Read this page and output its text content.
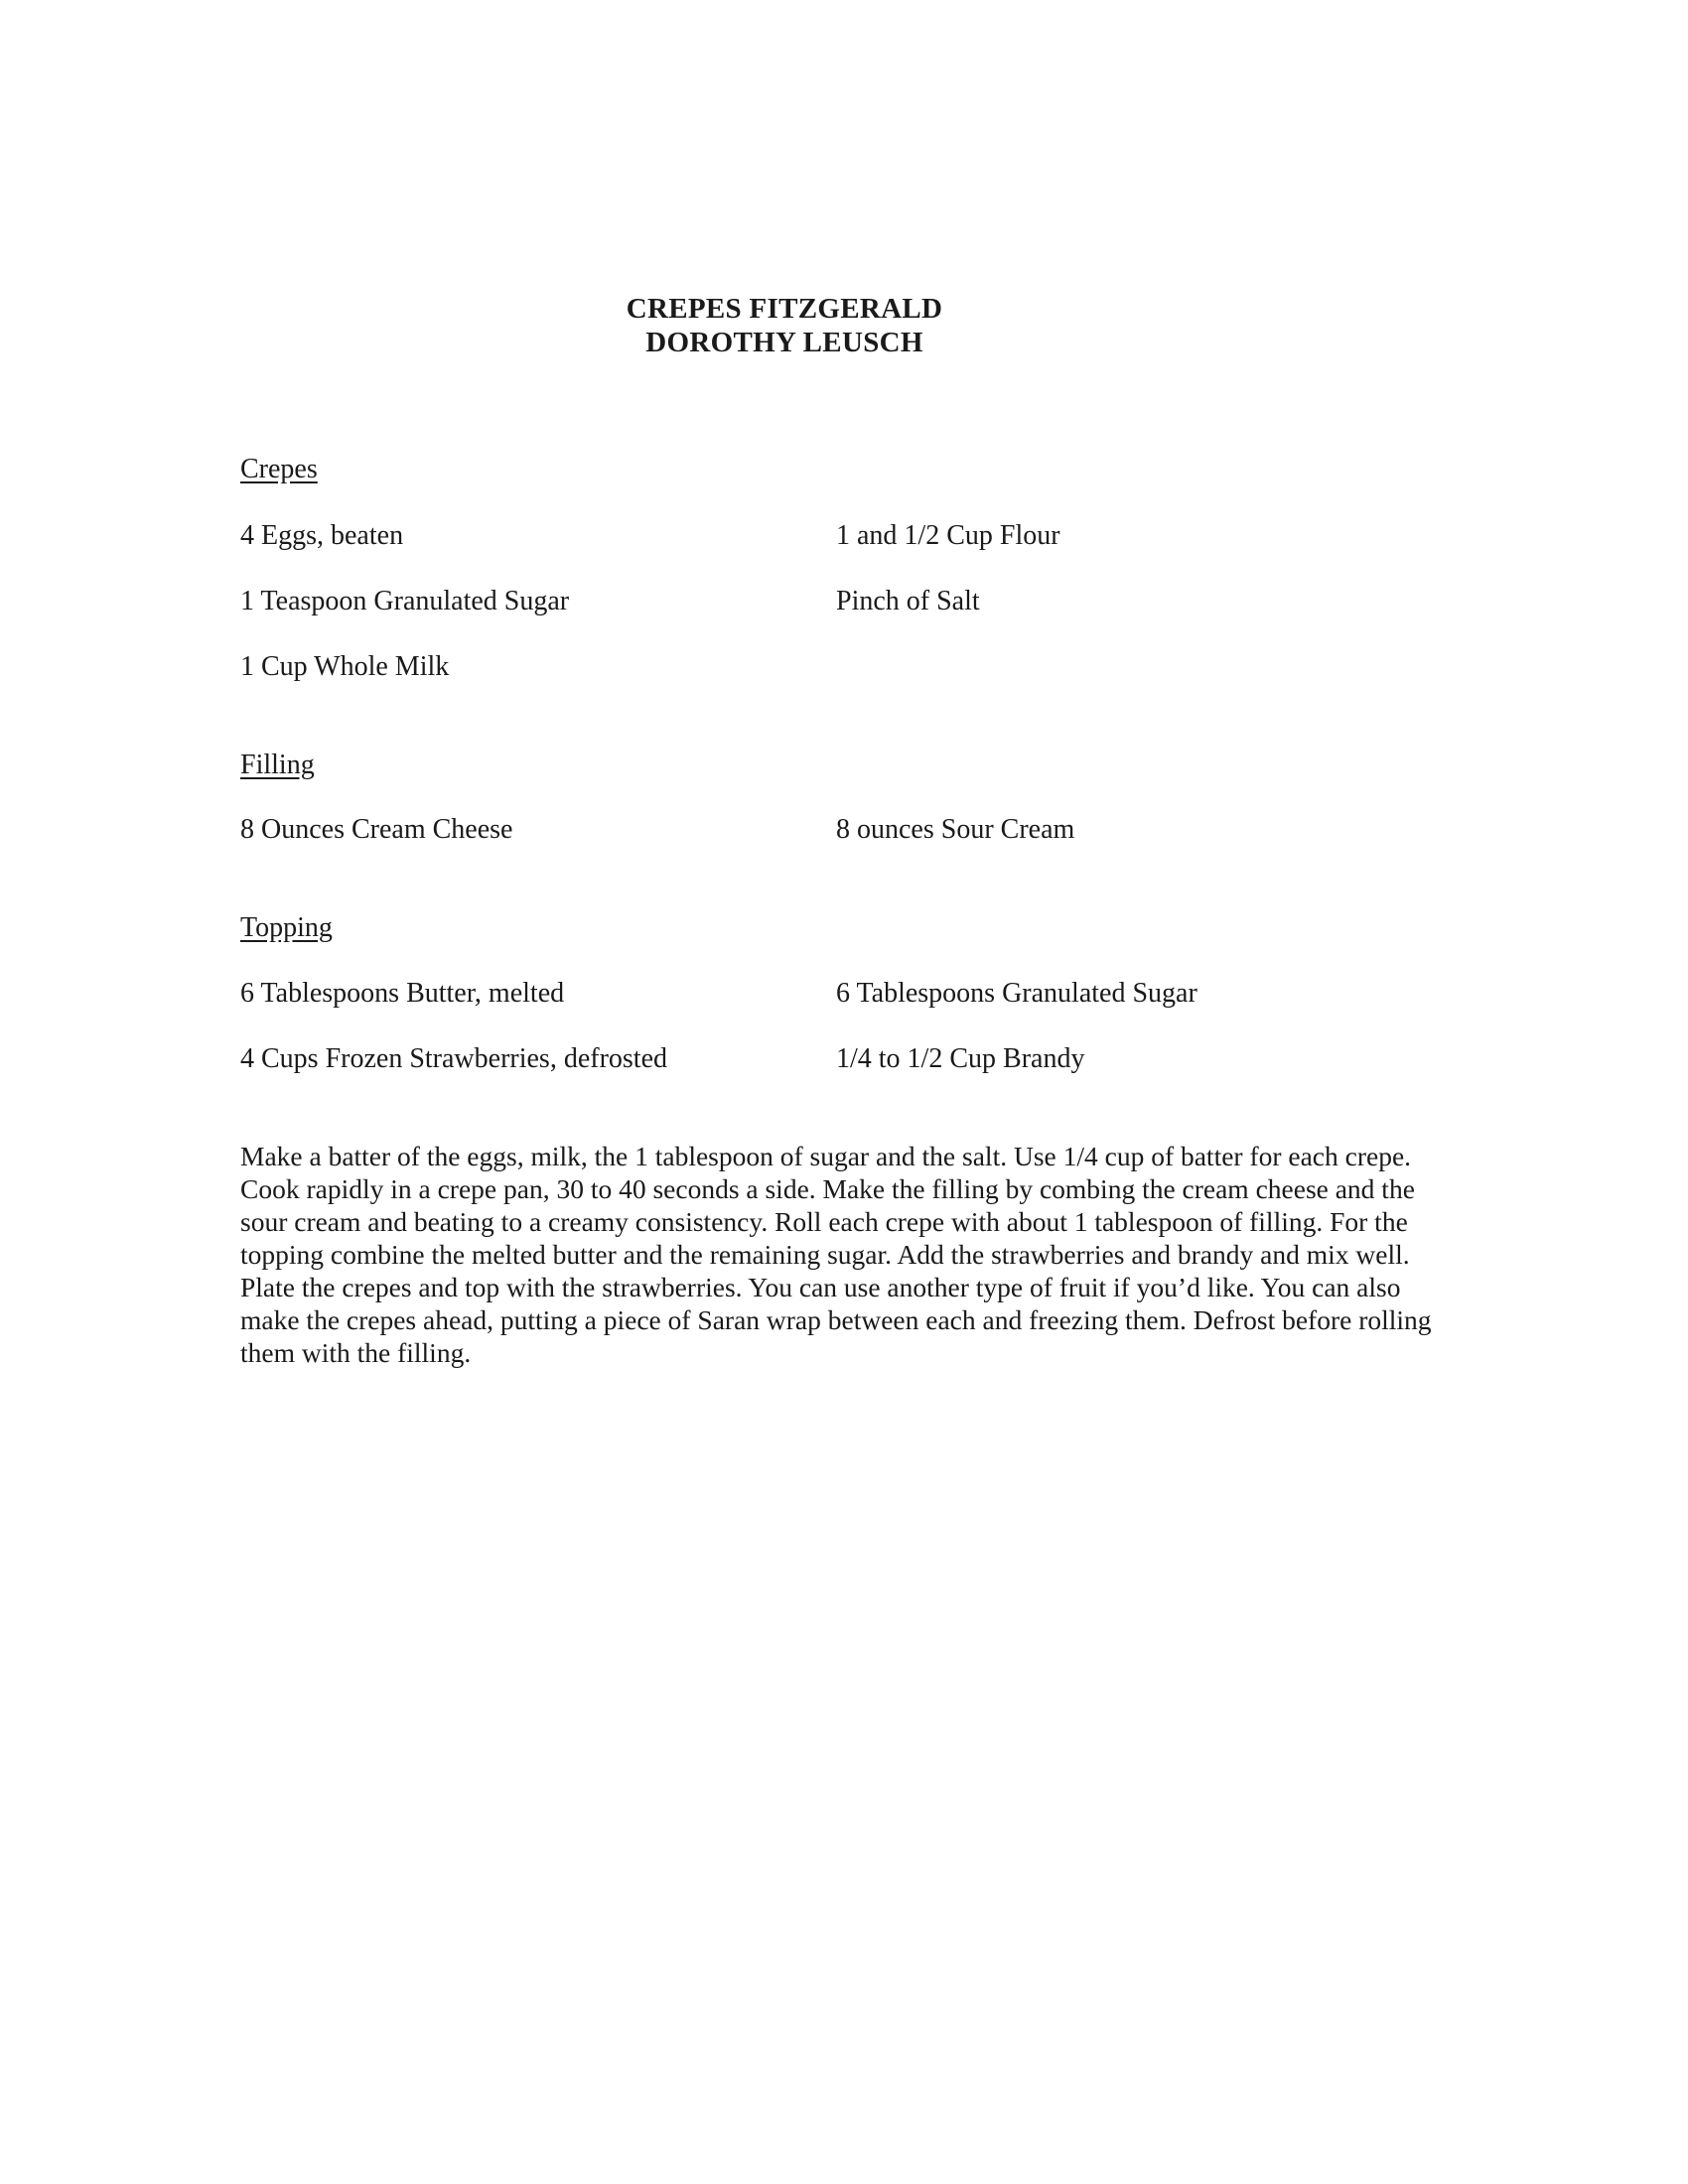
CREPES FITZGERALD
DOROTHY LEUSCH
Crepes
4 Eggs, beaten	1 and 1/2 Cup Flour
1 Teaspoon Granulated Sugar	Pinch of Salt
1 Cup Whole Milk
Filling
8 Ounces Cream Cheese	8 ounces Sour Cream
Topping
6 Tablespoons Butter, melted	6 Tablespoons Granulated Sugar
4 Cups Frozen Strawberries, defrosted	1/4 to 1/2 Cup Brandy
Make a batter of the eggs, milk, the 1 tablespoon of sugar and the salt. Use 1/4 cup of batter for each crepe. Cook rapidly in a crepe pan, 30 to 40 seconds a side. Make the filling by combing the cream cheese and the sour cream and beating to a creamy consistency. Roll each crepe with about 1 tablespoon of filling. For the topping combine the melted butter and the remaining sugar. Add the strawberries and brandy and mix well. Plate the crepes and top with the strawberries. You can use another type of fruit if you’d like. You can also make the crepes ahead, putting a piece of Saran wrap between each and freezing them. Defrost before rolling them with the filling.
